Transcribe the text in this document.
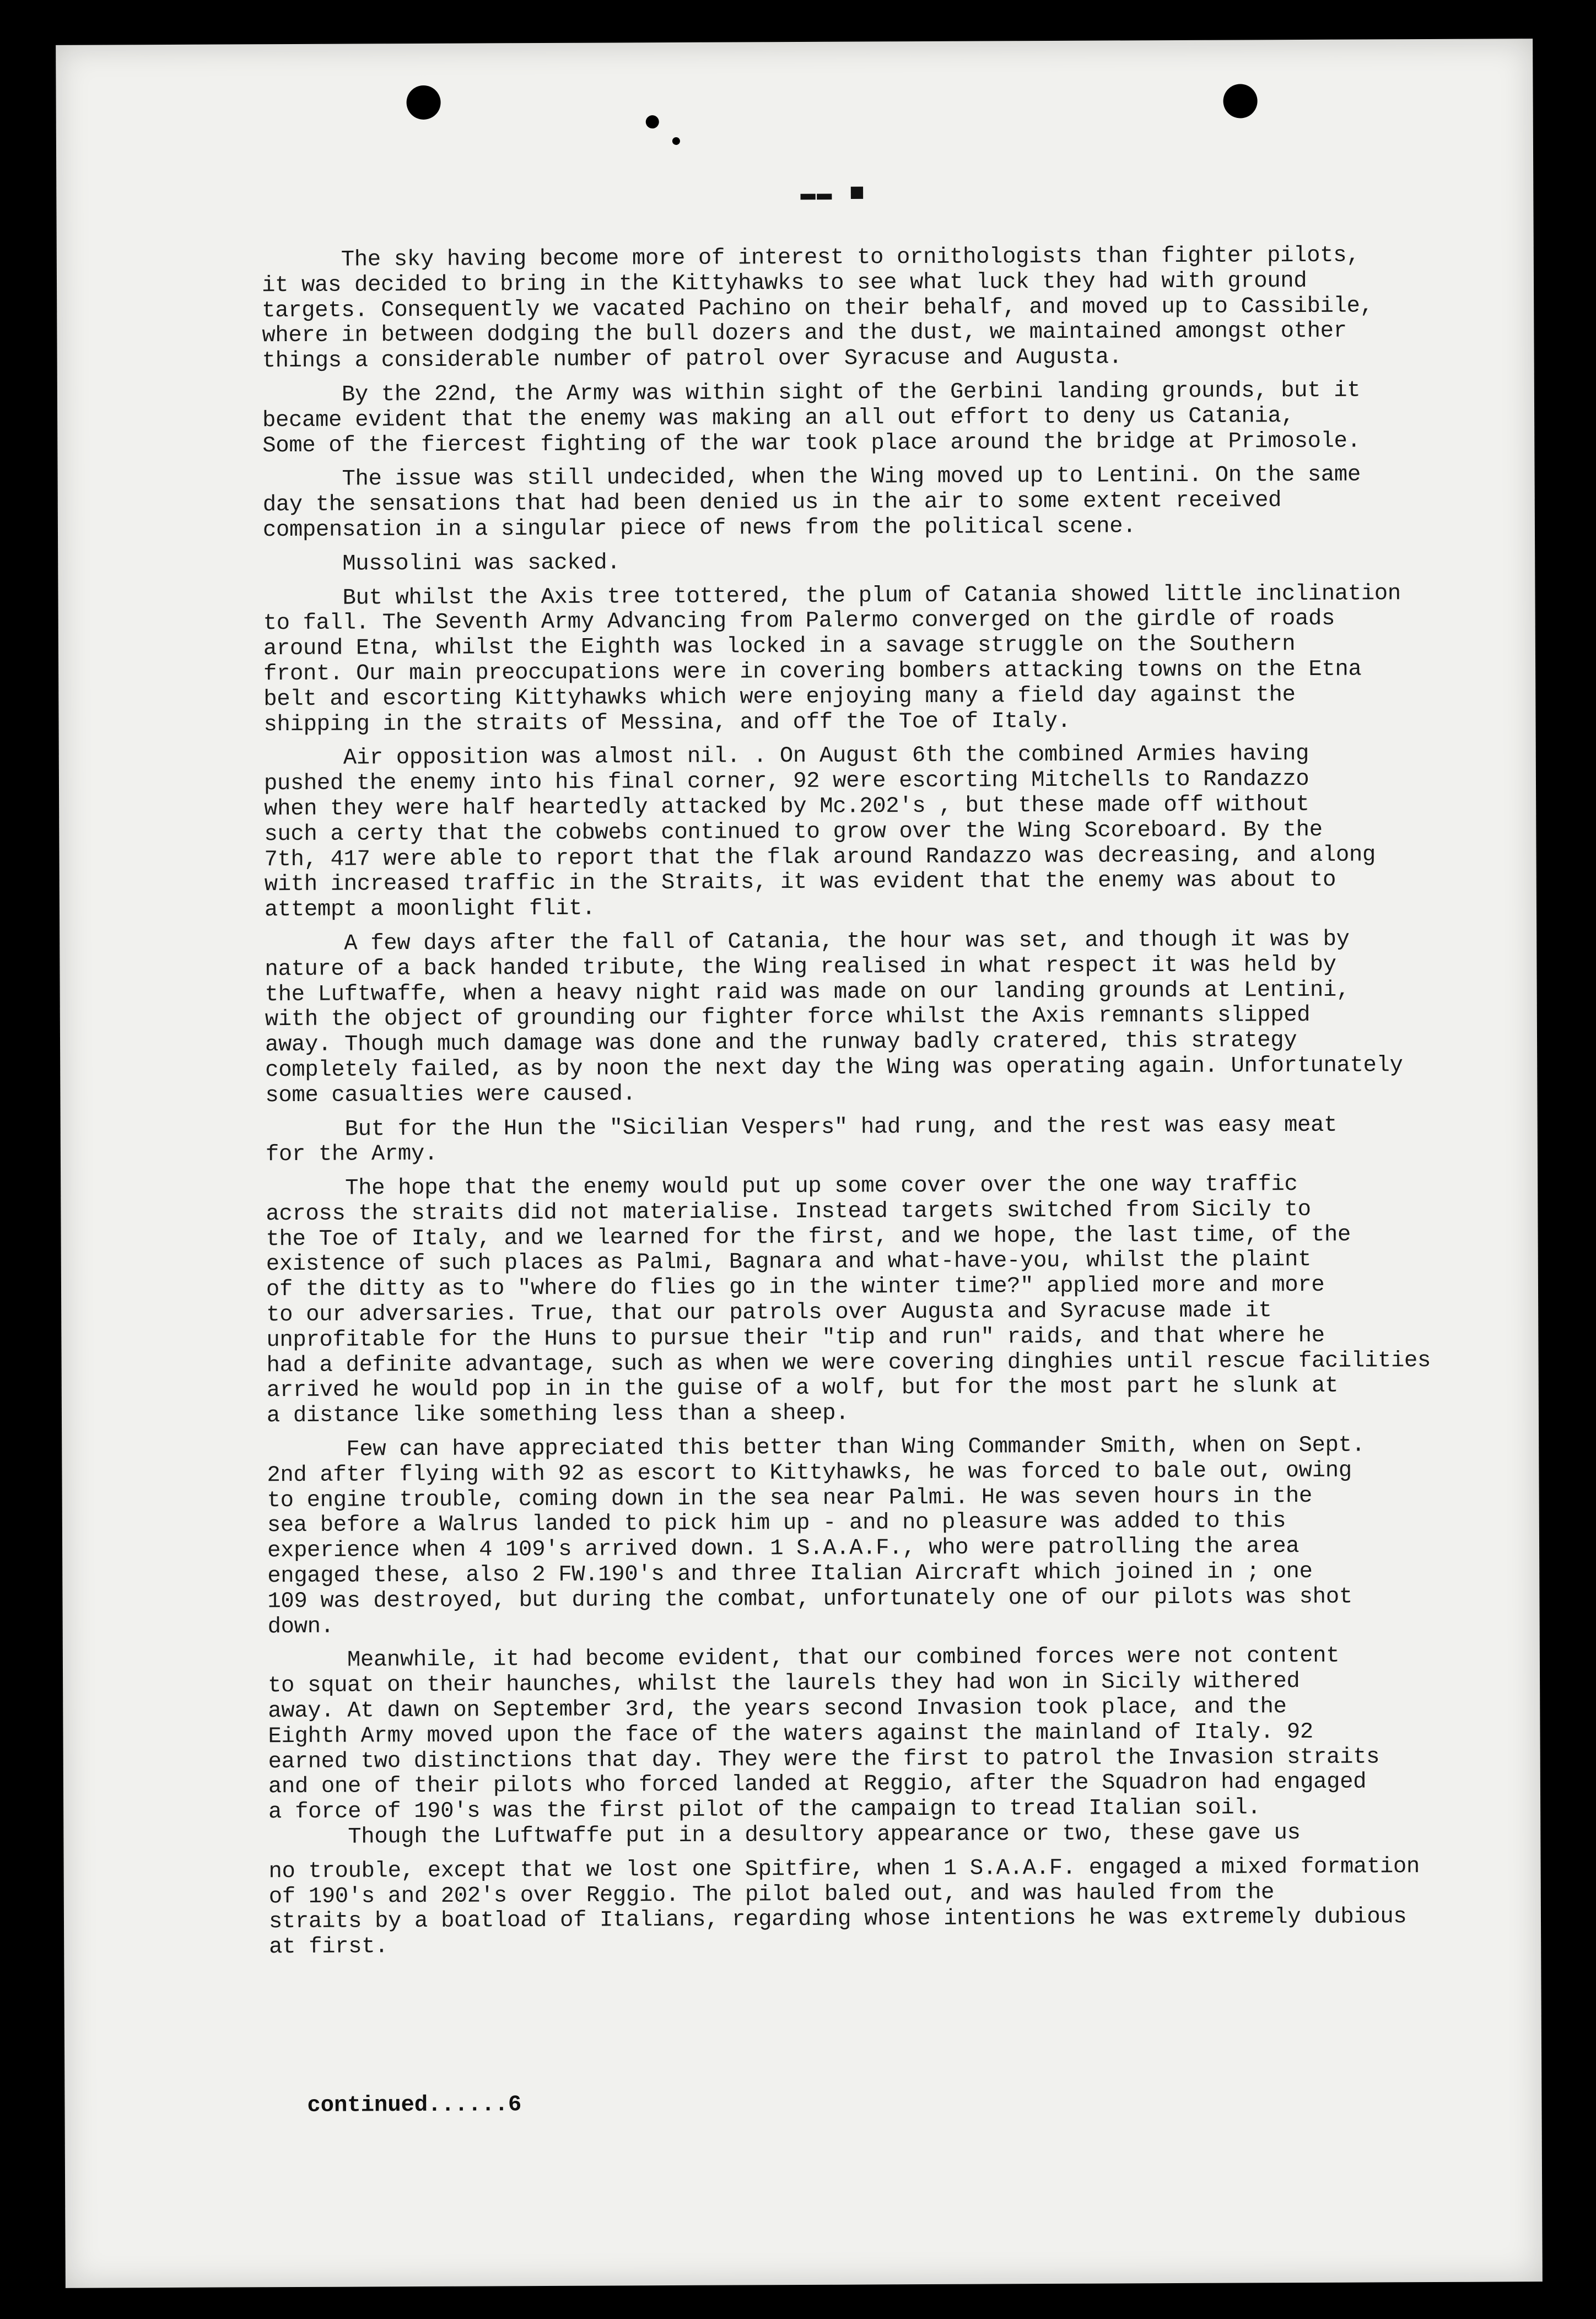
▬▬ ■
The sky having become more of interest to ornithologists than fighter pilots,
it was decided to bring in the Kittyhawks to see what luck they had with ground
targets. Consequently we vacated Pachino on their behalf, and moved up to Cassibile,
where in between dodging the bull dozers and the dust, we maintained amongst other
things a considerable number of patrol over Syracuse and Augusta.
By the 22nd, the Army was within sight of the Gerbini landing grounds, but it
became evident that the enemy was making an all out effort to deny us Catania,
Some of the fiercest fighting of the war took place around the bridge at Primosole.
The issue was still undecided, when the Wing moved up to Lentini. On the same
day the sensations that had been denied us in the air to some extent received
compensation in a singular piece of news from the political scene.
Mussolini was sacked.
But whilst the Axis tree tottered, the plum of Catania showed little inclination
to fall. The Seventh Army Advancing from Palermo converged on the girdle of roads
around Etna, whilst the Eighth was locked in a savage struggle on the Southern
front. Our main preoccupations were in covering bombers attacking towns on the Etna
belt and escorting Kittyhawks which were enjoying many a field day against the
shipping in the straits of Messina, and off the Toe of Italy.
Air opposition was almost nil. . On August 6th the combined Armies having
pushed the enemy into his final corner, 92 were escorting Mitchells to Randazzo
when they were half heartedly attacked by Mc.202's , but these made off without
such a certy that the cobwebs continued to grow over the Wing Scoreboard. By the
7th, 417 were able to report that the flak around Randazzo was decreasing, and along
with increased traffic in the Straits, it was evident that the enemy was about to
attempt a moonlight flit.
A few days after the fall of Catania, the hour was set, and though it was by
nature of a back handed tribute, the Wing realised in what respect it was held by
the Luftwaffe, when a heavy night raid was made on our landing grounds at Lentini,
with the object of grounding our fighter force whilst the Axis remnants slipped
away. Though much damage was done and the runway badly cratered, this strategy
completely failed, as by noon the next day the Wing was operating again. Unfortunately
some casualties were caused.
But for the Hun the "Sicilian Vespers" had rung, and the rest was easy meat
for the Army.
The hope that the enemy would put up some cover over the one way traffic
across the straits did not materialise. Instead targets switched from Sicily to
the Toe of Italy, and we learned for the first, and we hope, the last time, of the
existence of such places as Palmi, Bagnara and what-have-you, whilst the plaint
of the ditty as to "where do flies go in the winter time?" applied more and more
to our adversaries. True, that our patrols over Augusta and Syracuse made it
unprofitable for the Huns to pursue their "tip and run" raids, and that where he
had a definite advantage, such as when we were covering dinghies until rescue facilities
arrived he would pop in in the guise of a wolf, but for the most part he slunk at
a distance like something less than a sheep.
Few can have appreciated this better than Wing Commander Smith, when on Sept.
2nd after flying with 92 as escort to Kittyhawks, he was forced to bale out, owing
to engine trouble, coming down in the sea near Palmi. He was seven hours in the
sea before a Walrus landed to pick him up - and no pleasure was added to this
experience when 4 109's arrived down. 1 S.A.A.F., who were patrolling the area
engaged these, also 2 FW.190's and three Italian Aircraft which joined in ; one
109 was destroyed, but during the combat, unfortunately one of our pilots was shot
down.
Meanwhile, it had become evident, that our combined forces were not content
to squat on their haunches, whilst the laurels they had won in Sicily withered
away. At dawn on September 3rd, the years second Invasion took place, and the
Eighth Army moved upon the face of the waters against the mainland of Italy. 92
earned two distinctions that day. They were the first to patrol the Invasion straits
and one of their pilots who forced landed at Reggio, after the Squadron had engaged
a force of 190's was the first pilot of the campaign to tread Italian soil.
Though the Luftwaffe put in a desultory appearance or two, these gave us
no trouble, except that we lost one Spitfire, when 1 S.A.A.F. engaged a mixed formation
of 190's and 202's over Reggio. The pilot baled out, and was hauled from the
straits by a boatload of Italians, regarding whose intentions he was extremely dubious
at first.
continued......6
